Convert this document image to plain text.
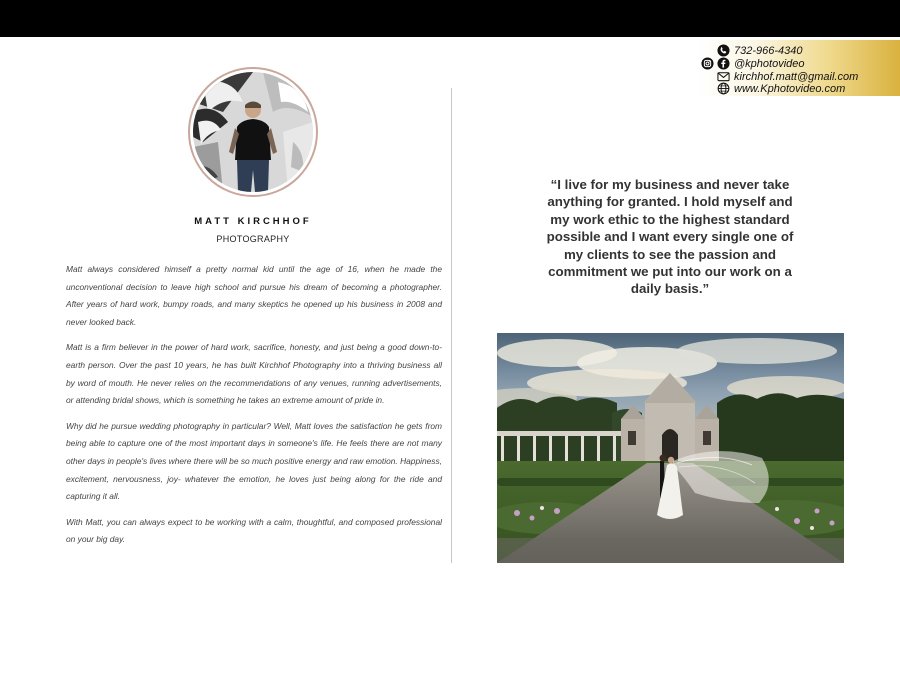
732-966-4340
@kphotovideo
kirchhof.matt@gmail.com
www.Kphotovideo.com
MATT KIRCHHOF
PHOTOGRAPHY

Matt always considered himself a pretty normal kid until the age of 16, when he made the unconventional decision to leave high school and pursue his dream of becoming a photographer. After years of hard work, bumpy roads, and many skeptics he opened up his business in 2008 and never looked back.

Matt is a firm believer in the power of hard work, sacrifice, honesty, and just being a good down-to-earth person. Over the past 10 years, he has built Kirchhof Photography into a thriving business all by word of mouth. He never relies on the recommendations of any venues, running advertisements, or attending bridal shows, which is something he takes an extreme amount of pride in.

Why did he pursue wedding photography in particular? Well, Matt loves the satisfaction he gets from being able to capture one of the most important days in someone's life. He feels there are not many other days in people's lives where there will be so much positive energy and raw emotion. Happiness, excitement, nervousness, joy- whatever the emotion, he loves just being along for the ride and capturing it all.

With Matt, you can always expect to be working with a calm, thoughtful, and composed professional on your big day.

“I live for my business and never take anything for granted. I hold myself and my work ethic to the highest standard possible and I want every single one of my clients to see the passion and commitment we put into our work on a daily basis.”
